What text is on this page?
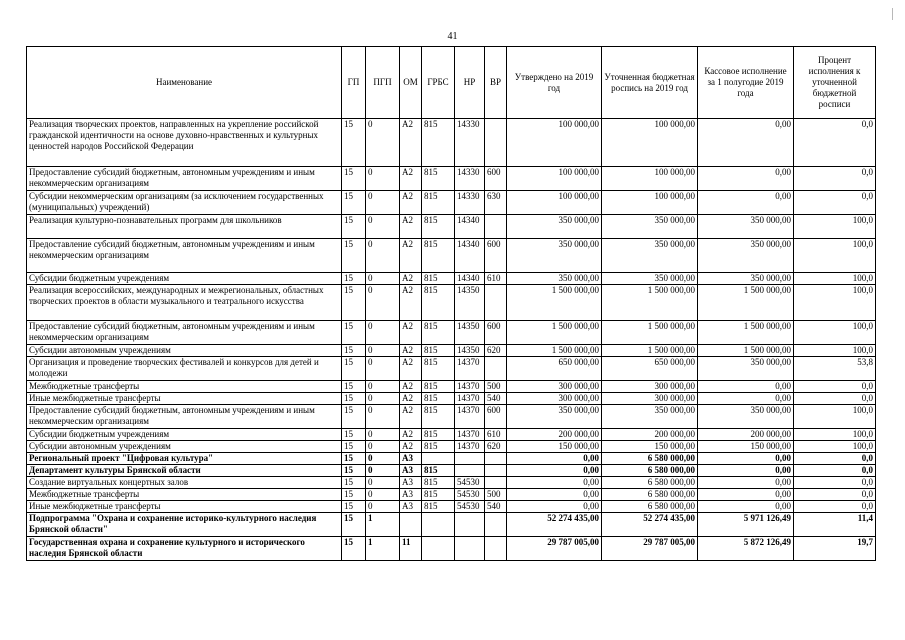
41
Наименование	ГП	ПГП	ОМ	ГРБС	НР	ВР	Утверждено на 2019 год	Уточненная бюджетная роспись на 2019 год	Кассовое исполнение за 1 полугодие 2019 года	Процент исполнения к уточненной бюджетной росписи
Реализация творческих проектов, направленных на укрепление российской гражданской идентичности на основе духовно-нравственных и культурных ценностей народов Российской Федерации	15	0	А2	815	14330		100 000,00	100 000,00	0,00	0,0
Предоставление субсидий бюджетным, автономным учреждениям и иным некоммерческим организациям	15	0	А2	815	14330	600	100 000,00	100 000,00	0,00	0,0
Субсидии некоммерческим организациям (за исключением государственных (муниципальных) учреждений)	15	0	А2	815	14330	630	100 000,00	100 000,00	0,00	0,0
Реализация культурно-познавательных программ для школьников	15	0	А2	815	14340		350 000,00	350 000,00	350 000,00	100,0
Предоставление субсидий бюджетным, автономным учреждениям и иным некоммерческим организациям	15	0	А2	815	14340	600	350 000,00	350 000,00	350 000,00	100,0
Субсидии бюджетным учреждениям	15	0	А2	815	14340	610	350 000,00	350 000,00	350 000,00	100,0
Реализация всероссийских, международных и межрегиональных, областных творческих проектов в области музыкального и театрального искусства	15	0	А2	815	14350		1 500 000,00	1 500 000,00	1 500 000,00	100,0
Предоставление субсидий бюджетным, автономным учреждениям и иным некоммерческим организациям	15	0	А2	815	14350	600	1 500 000,00	1 500 000,00	1 500 000,00	100,0
Субсидии автономным учреждениям	15	0	А2	815	14350	620	1 500 000,00	1 500 000,00	1 500 000,00	100,0
Организация и проведение творческих фестивалей и конкурсов для детей и молодежи	15	0	А2	815	14370		650 000,00	650 000,00	350 000,00	53,8
Межбюджетные трансферты	15	0	А2	815	14370	500	300 000,00	300 000,00	0,00	0,0
Иные межбюджетные трансферты	15	0	А2	815	14370	540	300 000,00	300 000,00	0,00	0,0
Предоставление субсидий бюджетным, автономным учреждениям и иным некоммерческим организациям	15	0	А2	815	14370	600	350 000,00	350 000,00	350 000,00	100,0
Субсидии бюджетным учреждениям	15	0	А2	815	14370	610	200 000,00	200 000,00	200 000,00	100,0
Субсидии автономным учреждениям	15	0	А2	815	14370	620	150 000,00	150 000,00	150 000,00	100,0
Региональный проект "Цифровая культура"	15	0	А3				0,00	6 580 000,00	0,00	0,0
Департамент культуры Брянской области	15	0	А3	815			0,00	6 580 000,00	0,00	0,0
Создание виртуальных концертных залов	15	0	А3	815	54530		0,00	6 580 000,00	0,00	0,0
Межбюджетные трансферты	15	0	А3	815	54530	500	0,00	6 580 000,00	0,00	0,0
Иные межбюджетные трансферты	15	0	А3	815	54530	540	0,00	6 580 000,00	0,00	0,0
Подпрограмма "Охрана и сохранение историко-культурного наследия Брянской области"	15	1					52 274 435,00	52 274 435,00	5 971 126,49	11,4
Государственная охрана и сохранение культурного и исторического наследия Брянской области	15	1	11				29 787 005,00	29 787 005,00	5 872 126,49	19,7
